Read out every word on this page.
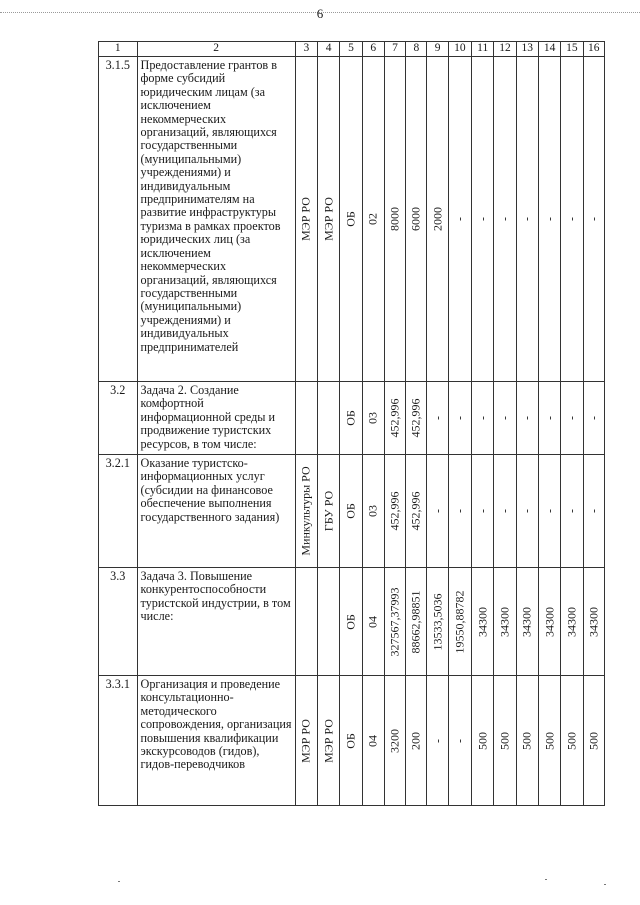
6
1	2	3	4	5	6	7	8	9	10	11	12	13	14	15	16
3.1.5	Предоставление грантов в форме субсидий юридическим лицам (за исключением некоммерческих организаций, являющихся государственными (муниципальными) учреждениями) и индивидуальным предпринимателям на развитие инфраструктуры туризма в рамках проектов юридических лиц (за исключением некоммерческих организаций, являющихся государственными (муниципальными) учреждениями) и индивидуальных предпринимателей	МЭР РО	МЭР РО	ОБ	02	8000	6000	2000	-	-	-	-	-	-	-

3.2	Задача 2. Создание комфортной информационной среды и продвижение туристских ресурсов, в том числе:			ОБ	03	452,996	452,996	-	-	-	-	-	-	-	-

3.2.1	Оказание туристско-информационных услуг (субсидии на финансовое обеспечение выполнения государственного задания)	Минкультуры РО	ГБУ РО	ОБ	03	452,996	452,996	-	-	-	-	-	-	-	-

3.3	Задача 3. Повышение конкурентоспособности туристской индустрии, в том числе:			ОБ	04	327567,37993	88662,98851	13533,5036	19550,88782	34300	34300	34300	34300	34300	34300

3.3.1	Организация и проведение консультационно-методического сопровождения, организация повышения квалификации экскурсоводов (гидов), гидов-переводчиков	МЭР РО	МЭР РО	ОБ	04	3200	200	-	-	500	500	500	500	500	500
